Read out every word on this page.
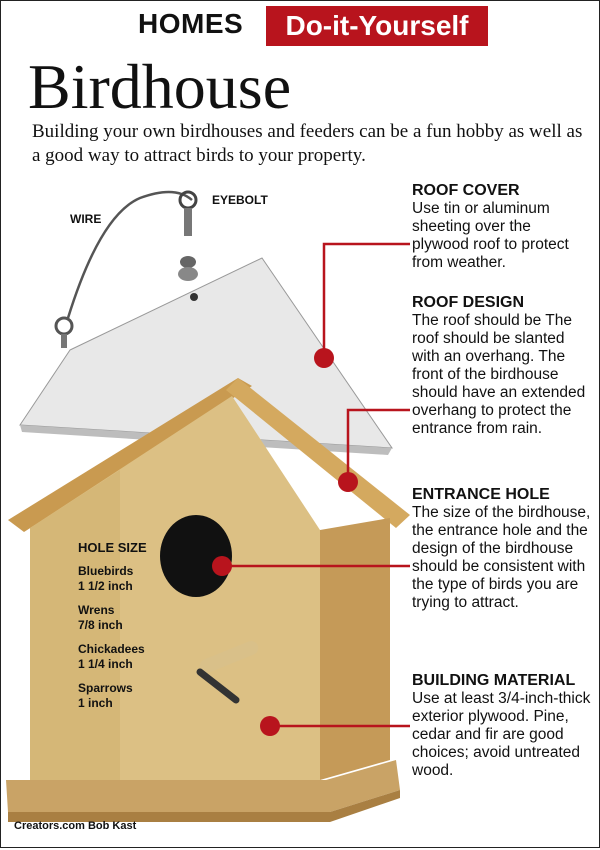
HOMES	Do-it-Yourself
Birdhouse
Building your own birdhouses and feeders can be a fun hobby as well as a good way to attract birds to your property.
WIRE
EYEBOLT
HOLE SIZE
Bluebirds
1 1/2 inch
Wrens
7/8 inch
Chickadees
1 1/4 inch
Sparrows
1 inch
ROOF COVER

Use tin or aluminum sheeting over the plywood roof to protect from weather.

ROOF DESIGN

The roof should be The roof should be slanted with an overhang. The front of the birdhouse should have an extended overhang to protect the entrance from rain.

ENTRANCE HOLE

The size of the birdhouse, the entrance hole and the design of the birdhouse should be consistent with the type of birds you are trying to attract.

BUILDING MATERIAL

Use at least 3/4-inch-thick exterior plywood. Pine, cedar and fir are good choices; avoid untreated wood.

Creators.com Bob Kast
